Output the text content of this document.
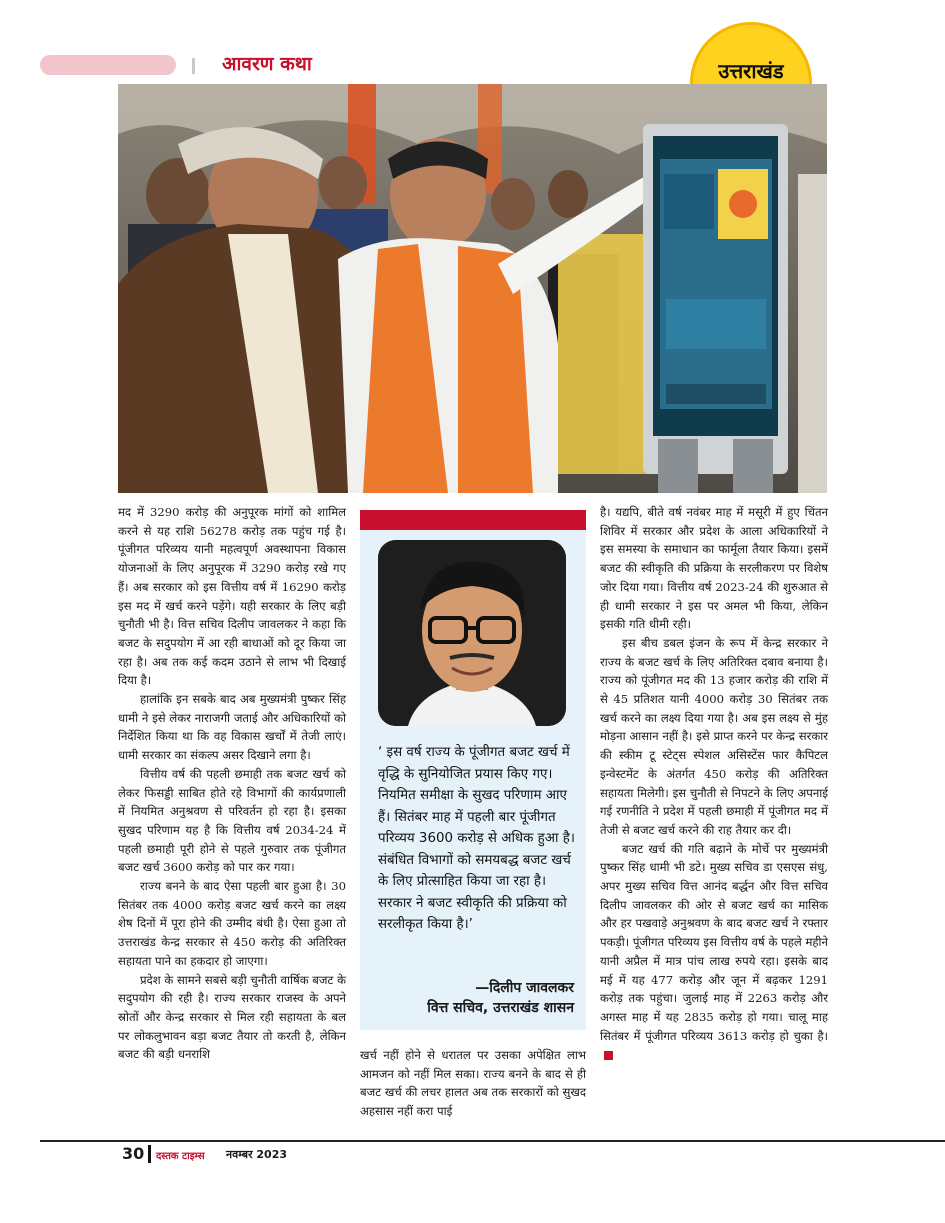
आवरण कथा	उत्तराखंड

मद में 3290 करोड़ की अनुपूरक मांगों को शामिल करने से यह राशि 56278 करोड़ तक पहुंच गई है। पूंजीगत परिव्यय यानी महत्वपूर्ण अवस्थापना विकास योजनाओं के लिए अनुपूरक में 3290 करोड़ रखे गए हैं। अब सरकार को इस वित्तीय वर्ष में 16290 करोड़ इस मद में खर्च करने पड़ेंगे। यही सरकार के लिए बड़ी चुनौती भी है। वित्त सचिव दिलीप जावलकर ने कहा कि बजट के सदुपयोग में आ रही बाधाओं को दूर किया जा रहा है। अब तक कई कदम उठाने से लाभ भी दिखाई दिया है।

हालांकि इन सबके बाद अब मुख्यमंत्री पुष्कर सिंह धामी ने इसे लेकर नाराजगी जताई और अधिकारियों को निर्देशित किया था कि वह विकास खर्चों में तेजी लाएं। धामी सरकार का संकल्प असर दिखाने लगा है।

वित्तीय वर्ष की पहली छमाही तक बजट खर्च को लेकर फिसड्डी साबित होते रहे विभागों की कार्यप्रणाली में नियमित अनुश्रवण से परिवर्तन हो रहा है। इसका सुखद परिणाम यह है कि वित्तीय वर्ष 2034-24 में पहली छमाही पूरी होने से पहले गुरुवार तक पूंजीगत बजट खर्च 3600 करोड़ को पार कर गया।

राज्य बनने के बाद ऐसा पहली बार हुआ है। 30 सितंबर तक 4000 करोड़ बजट खर्च करने का लक्ष्य शेष दिनों में पूरा होने की उम्मीद बंधी है। ऐसा हुआ तो उत्तराखंड केन्द्र सरकार से 450 करोड़ की अतिरिक्त सहायता पाने का हकदार हो जाएगा।

प्रदेश के सामने सबसे बड़ी चुनौती वार्षिक बजट के सदुपयोग की रही है। राज्य सरकार राजस्व के अपने स्रोतों और केन्द्र सरकार से मिल रही सहायता के बल पर लोकलुभावन बड़ा बजट तैयार तो करती है, लेकिन बजट की बड़ी धनराशि

‘ इस वर्ष राज्य के पूंजीगत बजट खर्च में वृद्धि के सुनियोजित प्रयास किए गए। नियमित समीक्षा के सुखद परिणाम आए हैं। सितंबर माह में पहली बार पूंजीगत परिव्यय 3600 करोड़ से अधिक हुआ है। संबंधित विभागों को समयबद्ध बजट खर्च के लिए प्रोत्साहित किया जा रहा है। सरकार ने बजट स्वीकृति की प्रक्रिया को सरलीकृत किया है।’
—दिलीप जावलकर
वित्त सचिव, उत्तराखंड शासन
खर्च नहीं होने से धरातल पर उसका अपेक्षित लाभ आमजन को नहीं मिल सका। राज्य बनने के बाद से ही बजट खर्च की लचर हालत अब तक सरकारों को सुखद अहसास नहीं करा पाई

है। यद्यपि, बीते वर्ष नवंबर माह में मसूरी में हुए चिंतन शिविर में सरकार और प्रदेश के आला अधिकारियों ने इस समस्या के समाधान का फार्मूला तैयार किया। इसमें बजट की स्वीकृति की प्रक्रिया के सरलीकरण पर विशेष जोर दिया गया। वित्तीय वर्ष 2023-24 की शुरुआत से ही धामी सरकार ने इस पर अमल भी किया, लेकिन इसकी गति धीमी रही।

इस बीच डबल इंजन के रूप में केन्द्र सरकार ने राज्य के बजट खर्च के लिए अतिरिक्त दबाव बनाया है। राज्य को पूंजीगत मद की 13 हजार करोड़ की राशि में से 45 प्रतिशत यानी 4000 करोड़ 30 सितंबर तक खर्च करने का लक्ष्य दिया गया है। अब इस लक्ष्य से मुंह मोड़ना आसान नहीं है। इसे प्राप्त करने पर केन्द्र सरकार की स्कीम टू स्टेट्स स्पेशल असिस्टेंस फार कैपिटल इन्वेस्टमेंट के अंतर्गत 450 करोड़ की अतिरिक्त सहायता मिलेगी। इस चुनौती से निपटने के लिए अपनाई गई रणनीति ने प्रदेश में पहली छमाही में पूंजीगत मद में तेजी से बजट खर्च करने की राह तैयार कर दी।

बजट खर्च की गति बढ़ाने के मोर्चे पर मुख्यमंत्री पुष्कर सिंह धामी भी डटे। मुख्य सचिव डा एसएस संधु, अपर मुख्य सचिव वित्त आनंद बर्द्धन और वित्त सचिव दिलीप जावलकर की ओर से बजट खर्च का मासिक और हर पखवाड़े अनुश्रवण के बाद बजट खर्च ने रफ्तार पकड़ी। पूंजीगत परिव्यय इस वित्तीय वर्ष के पहले महीने यानी अप्रैल में मात्र पांच लाख रुपये रहा। इसके बाद मई में यह 477 करोड़ और जून में बढ़कर 1291 करोड़ तक पहुंचा। जुलाई माह में 2263 करोड़ और अगस्त माह में यह 2835 करोड़ हो गया। चालू माह सितंबर में पूंजीगत परिव्यय 3613 करोड़ हो चुका है।

30 दस्तक टाइम्स नवम्बर 2023
